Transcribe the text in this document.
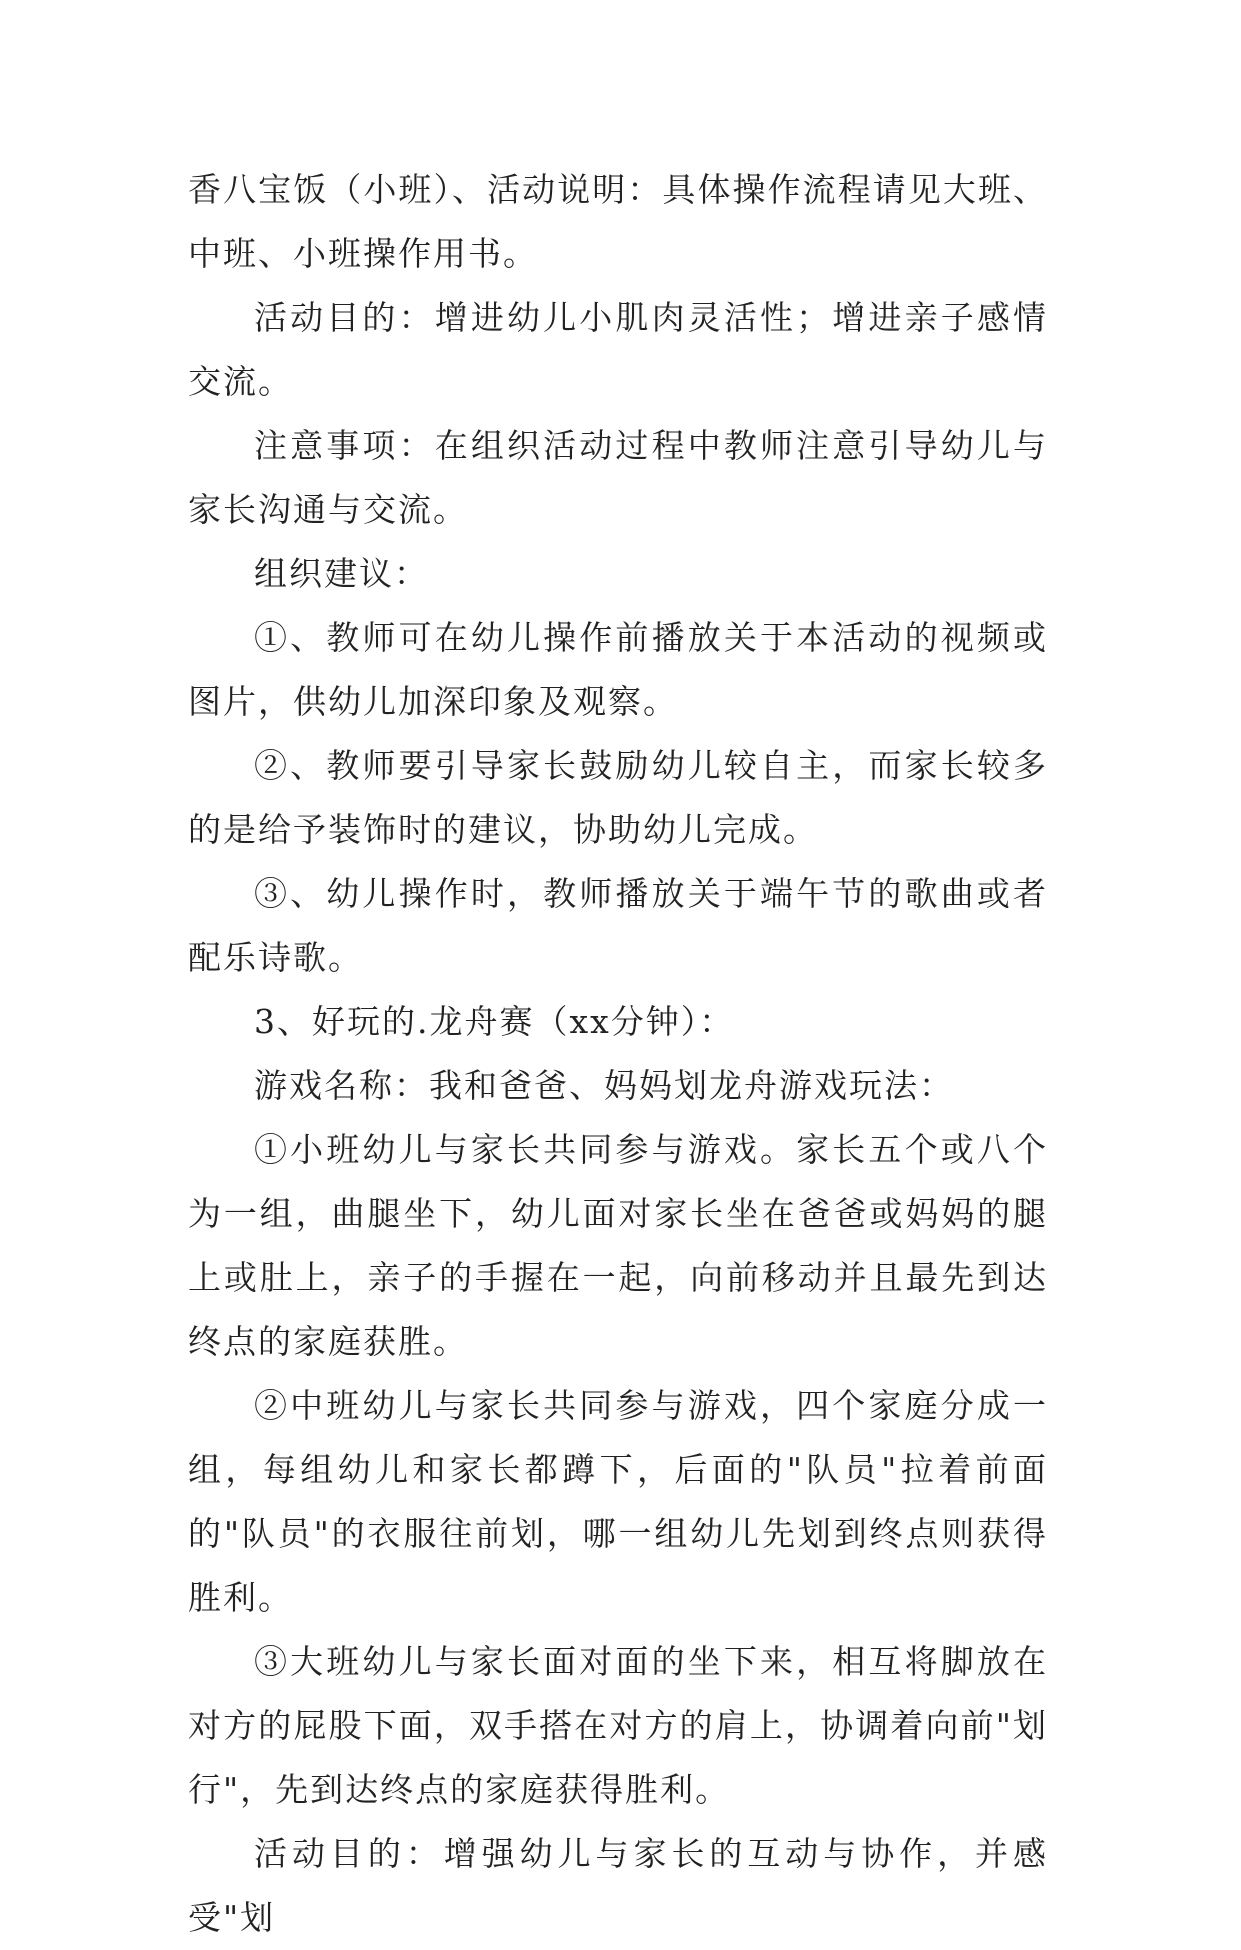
香八宝饭（小班）、活动说明：具体操作流程请见大班、中班、小班操作用书。

活动目的：增进幼儿小肌肉灵活性；增进亲子感情交流。

注意事项：在组织活动过程中教师注意引导幼儿与家长沟通与交流。

组织建议：

①、教师可在幼儿操作前播放关于本活动的视频或图片，供幼儿加深印象及观察。

②、教师要引导家长鼓励幼儿较自主，而家长较多的是给予装饰时的建议，协助幼儿完成。

③、幼儿操作时，教师播放关于端午节的歌曲或者配乐诗歌。

3、好玩的.龙舟赛（xx分钟）：

游戏名称：我和爸爸、妈妈划龙舟游戏玩法：

①小班幼儿与家长共同参与游戏。家长五个或八个为一组，曲腿坐下，幼儿面对家长坐在爸爸或妈妈的腿上或肚上，亲子的手握在一起，向前移动并且最先到达终点的家庭获胜。

②中班幼儿与家长共同参与游戏，四个家庭分成一组，每组幼儿和家长都蹲下，后面的"队员"拉着前面的"队员"的衣服往前划，哪一组幼儿先划到终点则获得胜利。

③大班幼儿与家长面对面的坐下来，相互将脚放在对方的屁股下面，双手搭在对方的肩上，协调着向前"划行"，先到达终点的家庭获得胜利。

活动目的：增强幼儿与家长的互动与协作，并感受"划
